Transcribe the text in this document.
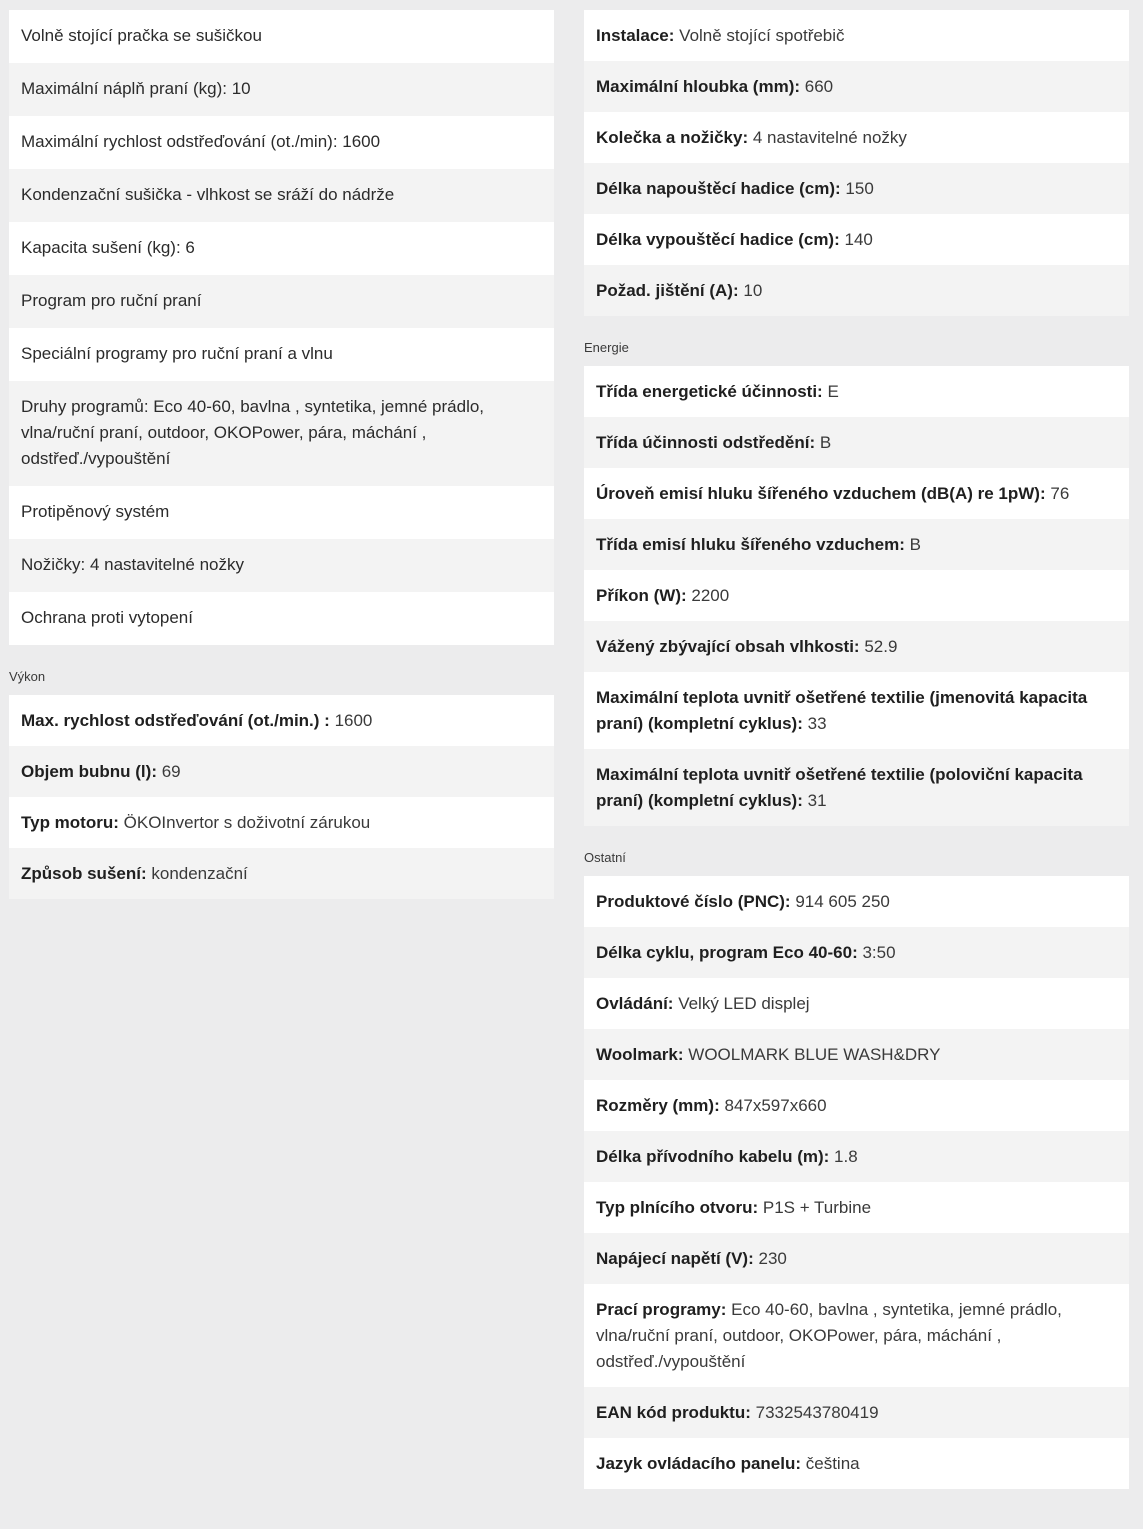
Volně stojící pračka se sušičkou
Maximální náplň praní (kg): 10
Maximální rychlost odstřeďování (ot./min): 1600
Kondenzační sušička - vlhkost se sráží do nádrže
Kapacita sušení (kg): 6
Program pro ruční praní
Speciální programy pro ruční praní a vlnu
Druhy programů: Eco 40-60, bavlna , syntetika, jemné prádlo, vlna/ruční praní, outdoor, OKOPower, pára, máchání , odstřeď./vypouštění
Protipěnový systém
Nožičky: 4 nastavitelné nožky
Ochrana proti vytopení
Výkon
Max. rychlost odstřeďování (ot./min.) : 1600
Objem bubnu (l): 69
Typ motoru: ÖKOInvertor s doživotní zárukou
Způsob sušení: kondenzační
Instalace: Volně stojící spotřebič
Maximální hloubka (mm): 660
Kolečka a nožičky: 4 nastavitelné nožky
Délka napouštěcí hadice (cm): 150
Délka vypouštěcí hadice (cm): 140
Požad. jištění (A): 10
Energie
Třída energetické účinnosti: E
Třída účinnosti odstředění: B
Úroveň emisí hluku šířeného vzduchem (dB(A) re 1pW): 76
Třída emisí hluku šířeného vzduchem: B
Příkon (W): 2200
Vážený zbývající obsah vlhkosti: 52.9
Maximální teplota uvnitř ošetřené textilie (jmenovitá kapacita praní) (kompletní cyklus): 33
Maximální teplota uvnitř ošetřené textilie (poloviční kapacita praní) (kompletní cyklus): 31
Ostatní
Produktové číslo (PNC): 914 605 250
Délka cyklu, program Eco 40-60: 3:50
Ovládání: Velký LED displej
Woolmark: WOOLMARK BLUE WASH&DRY
Rozměry (mm): 847x597x660
Délka přívodního kabelu (m): 1.8
Typ plnícího otvoru: P1S + Turbine
Napájecí napětí (V): 230
Prací programy: Eco 40-60, bavlna , syntetika, jemné prádlo, vlna/ruční praní, outdoor, OKOPower, pára, máchání , odstřeď./vypouštění
EAN kód produktu: 7332543780419
Jazyk ovládacího panelu: čeština
